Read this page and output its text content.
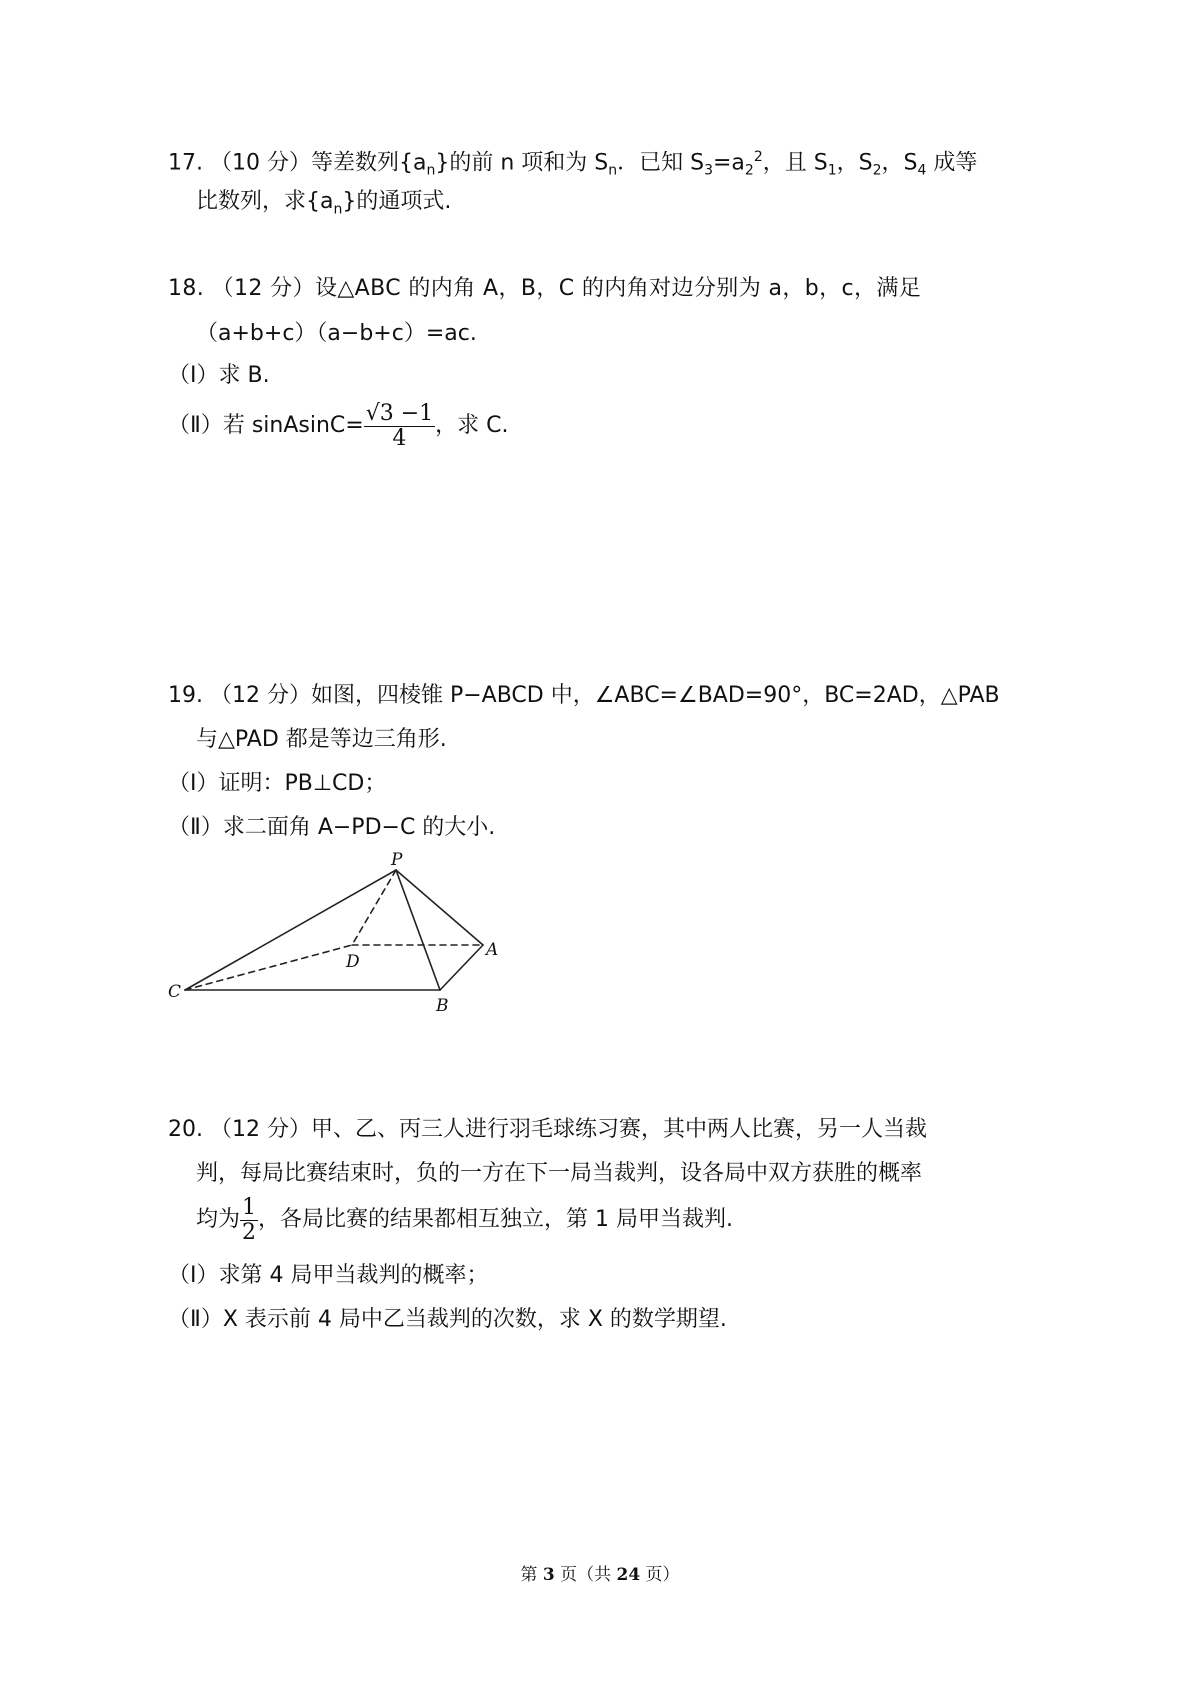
17. （10 分）等差数列$\{a_n\}$的前 n 项和为 $S_n$．已知 $S_3=a_2^2$，且 $S_1$，$S_2$，$S_4$ 成等
比数列，求$\{a_n\}$的通项式.
18. （12 分）设△ABC 的内角 A，B，C 的内角对边分别为 a，b，c，满足
（a+b+c）（a−b+c）=ac.
（Ⅰ）求 B.
（Ⅱ）若 sinAsinC= $\frac{√3 -1}{4}$ ，求 C.
19. （12 分）如图，四棱锥 P−ABCD 中，∠ABC=∠BAD=90°，BC=2AD，△PAB
与△PAD 都是等边三角形.
（Ⅰ）证明：PB⊥CD；
（Ⅱ）求二面角 A−PD−C 的大小.
P
A
B
C
D
20. （12 分）甲、乙、丙三人进行羽毛球练习赛，其中两人比赛，另一人当裁
判，每局比赛结束时，负的一方在下一局当裁判，设各局中双方获胜的概率
均为 $\frac{1}{2}$ ，各局比赛的结果都相互独立，第 1 局甲当裁判.
（Ⅰ）求第 4 局甲当裁判的概率；
（Ⅱ）X 表示前 4 局中乙当裁判的次数，求 X 的数学期望.
第 3 页（共 24 页）
